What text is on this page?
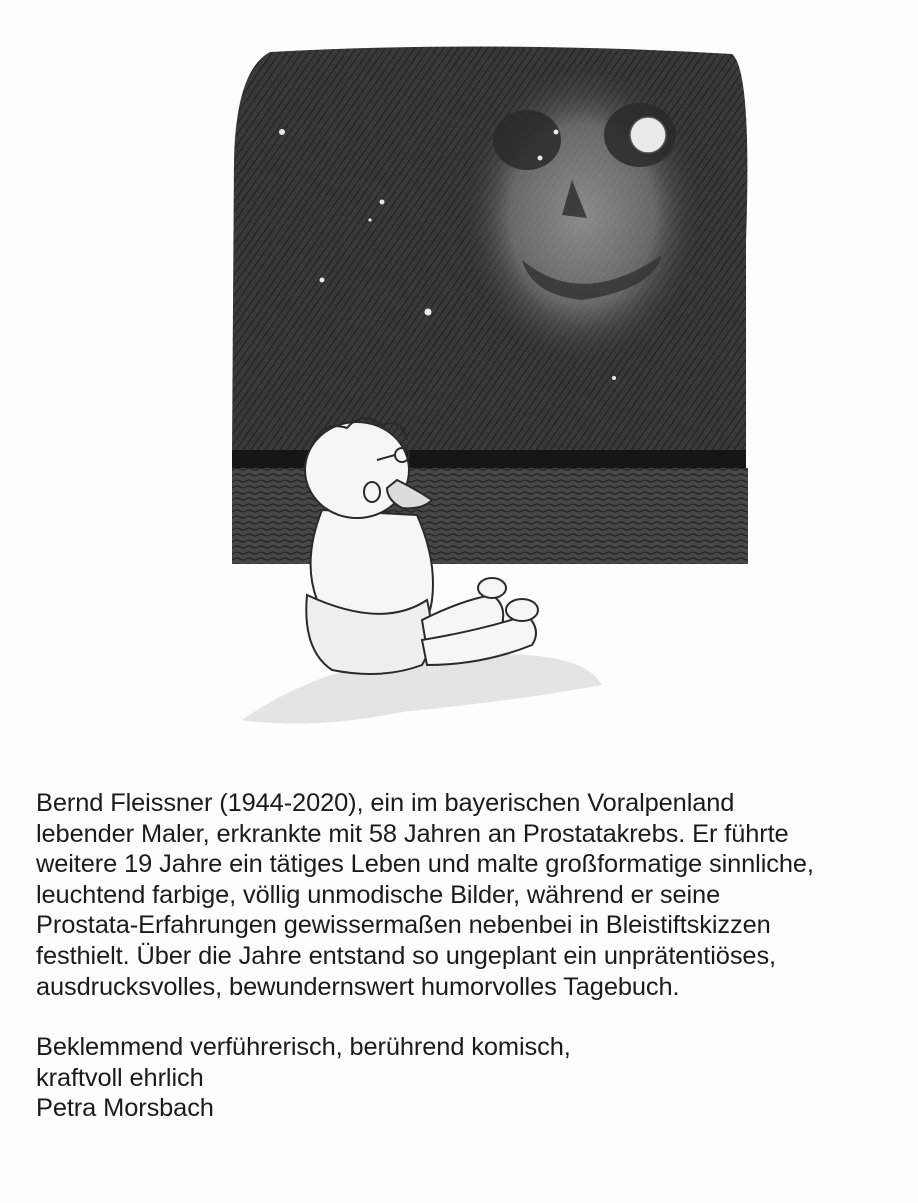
Bernd Fleissner (1944-2020), ein im bayerischen Voralpenland
lebender Maler, erkrankte mit 58 Jahren an Prostatakrebs. Er führte
weitere 19 Jahre ein tätiges Leben und malte großformatige sinnliche,
leuchtend farbige, völlig unmodische Bilder, während er seine
Prostata-Erfahrungen gewissermaßen nebenbei in Bleistiftskizzen
festhielt. Über die Jahre entstand so ungeplant ein unprätentiöses,
ausdrucksvolles, bewundernswert humorvolles Tagebuch.

Beklemmend verführerisch, berührend komisch,
kraftvoll ehrlich
Petra Morsbach
